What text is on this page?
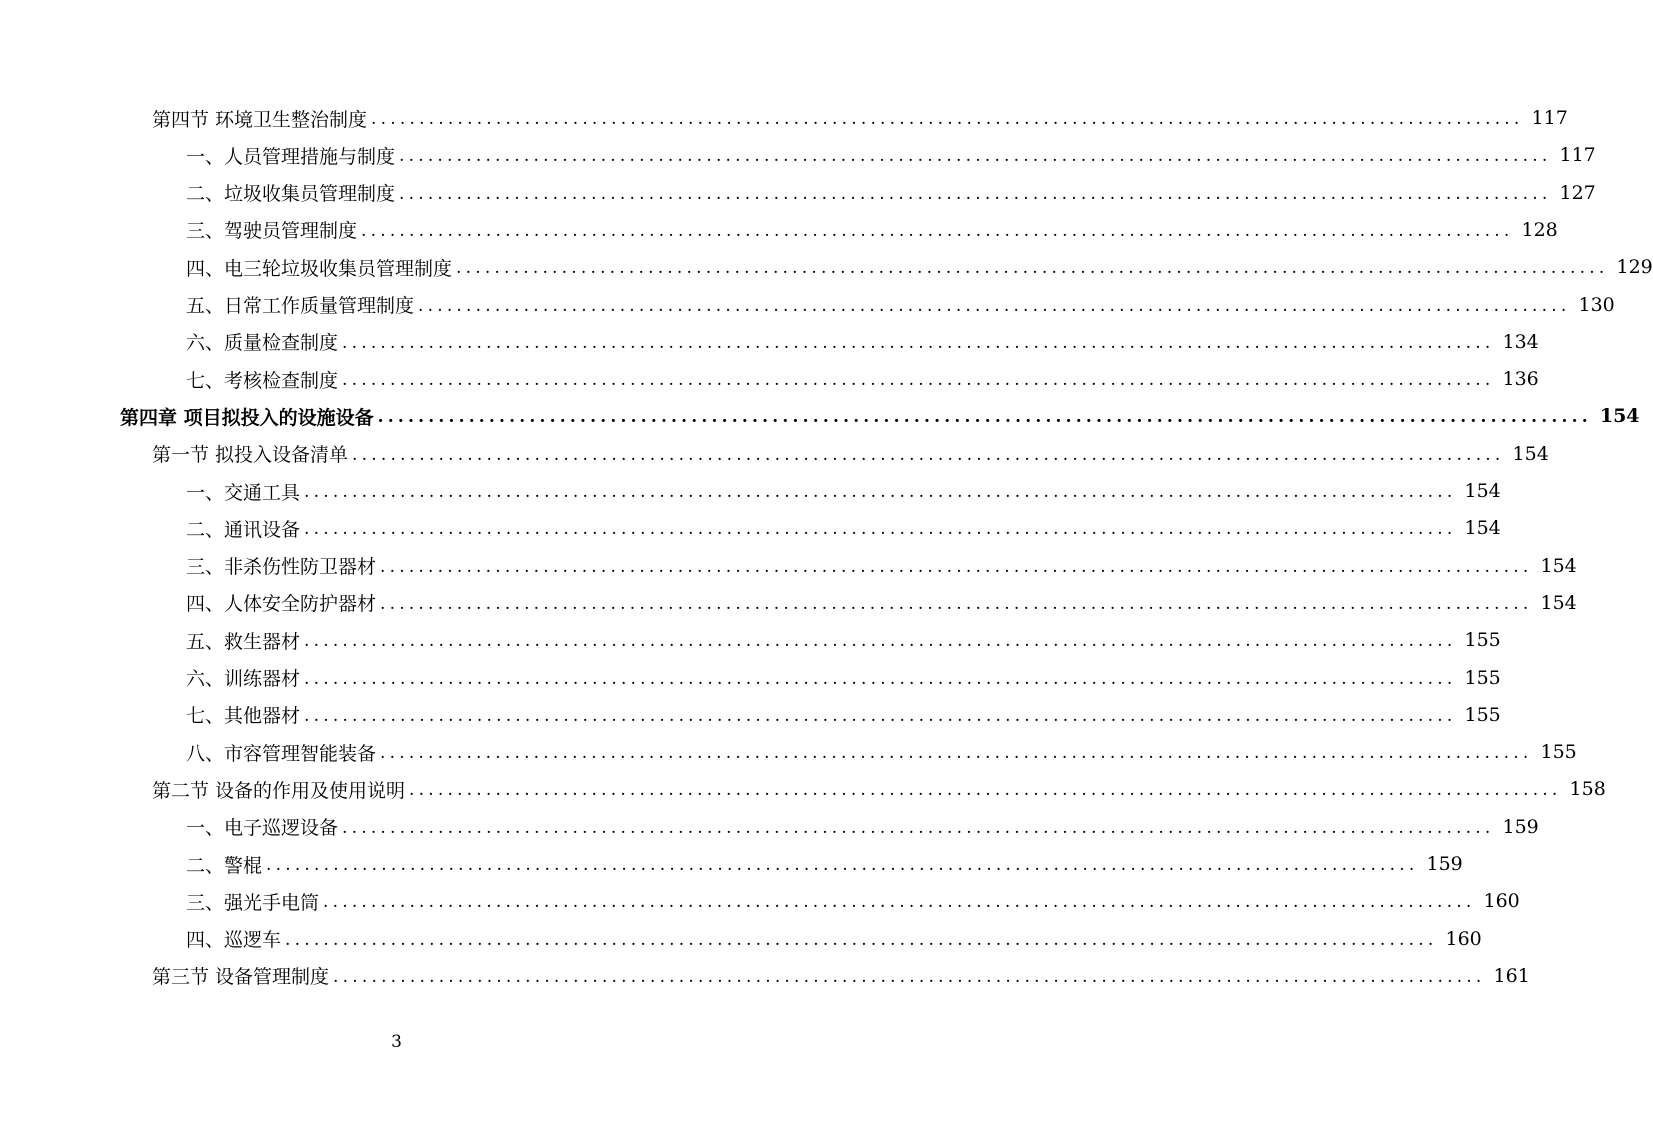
第四节 环境卫生整治制度 ........................................................................................................................ 117
一、人员管理措施与制度 ........................................................................................................................ 117
二、垃圾收集员管理制度 ........................................................................................................................ 127
三、驾驶员管理制度 ........................................................................................................................ 128
四、电三轮垃圾收集员管理制度 ........................................................................................................................ 129
五、日常工作质量管理制度 ........................................................................................................................ 130
六、质量检查制度 ........................................................................................................................ 134
七、考核检查制度 ........................................................................................................................ 136
第四章 项目拟投入的设施设备 ........................................................................................................................ 154
第一节 拟投入设备清单 ........................................................................................................................ 154
一、交通工具 ........................................................................................................................ 154
二、通讯设备 ........................................................................................................................ 154
三、非杀伤性防卫器材 ........................................................................................................................ 154
四、人体安全防护器材 ........................................................................................................................ 154
五、救生器材 ........................................................................................................................ 155
六、训练器材 ........................................................................................................................ 155
七、其他器材 ........................................................................................................................ 155
八、市容管理智能装备 ........................................................................................................................ 155
第二节 设备的作用及使用说明 ........................................................................................................................ 158
一、电子巡逻设备 ........................................................................................................................ 159
二、警棍 ........................................................................................................................ 159
三、强光手电筒 ........................................................................................................................ 160
四、巡逻车 ........................................................................................................................ 160
第三节 设备管理制度 ........................................................................................................................ 161
3
